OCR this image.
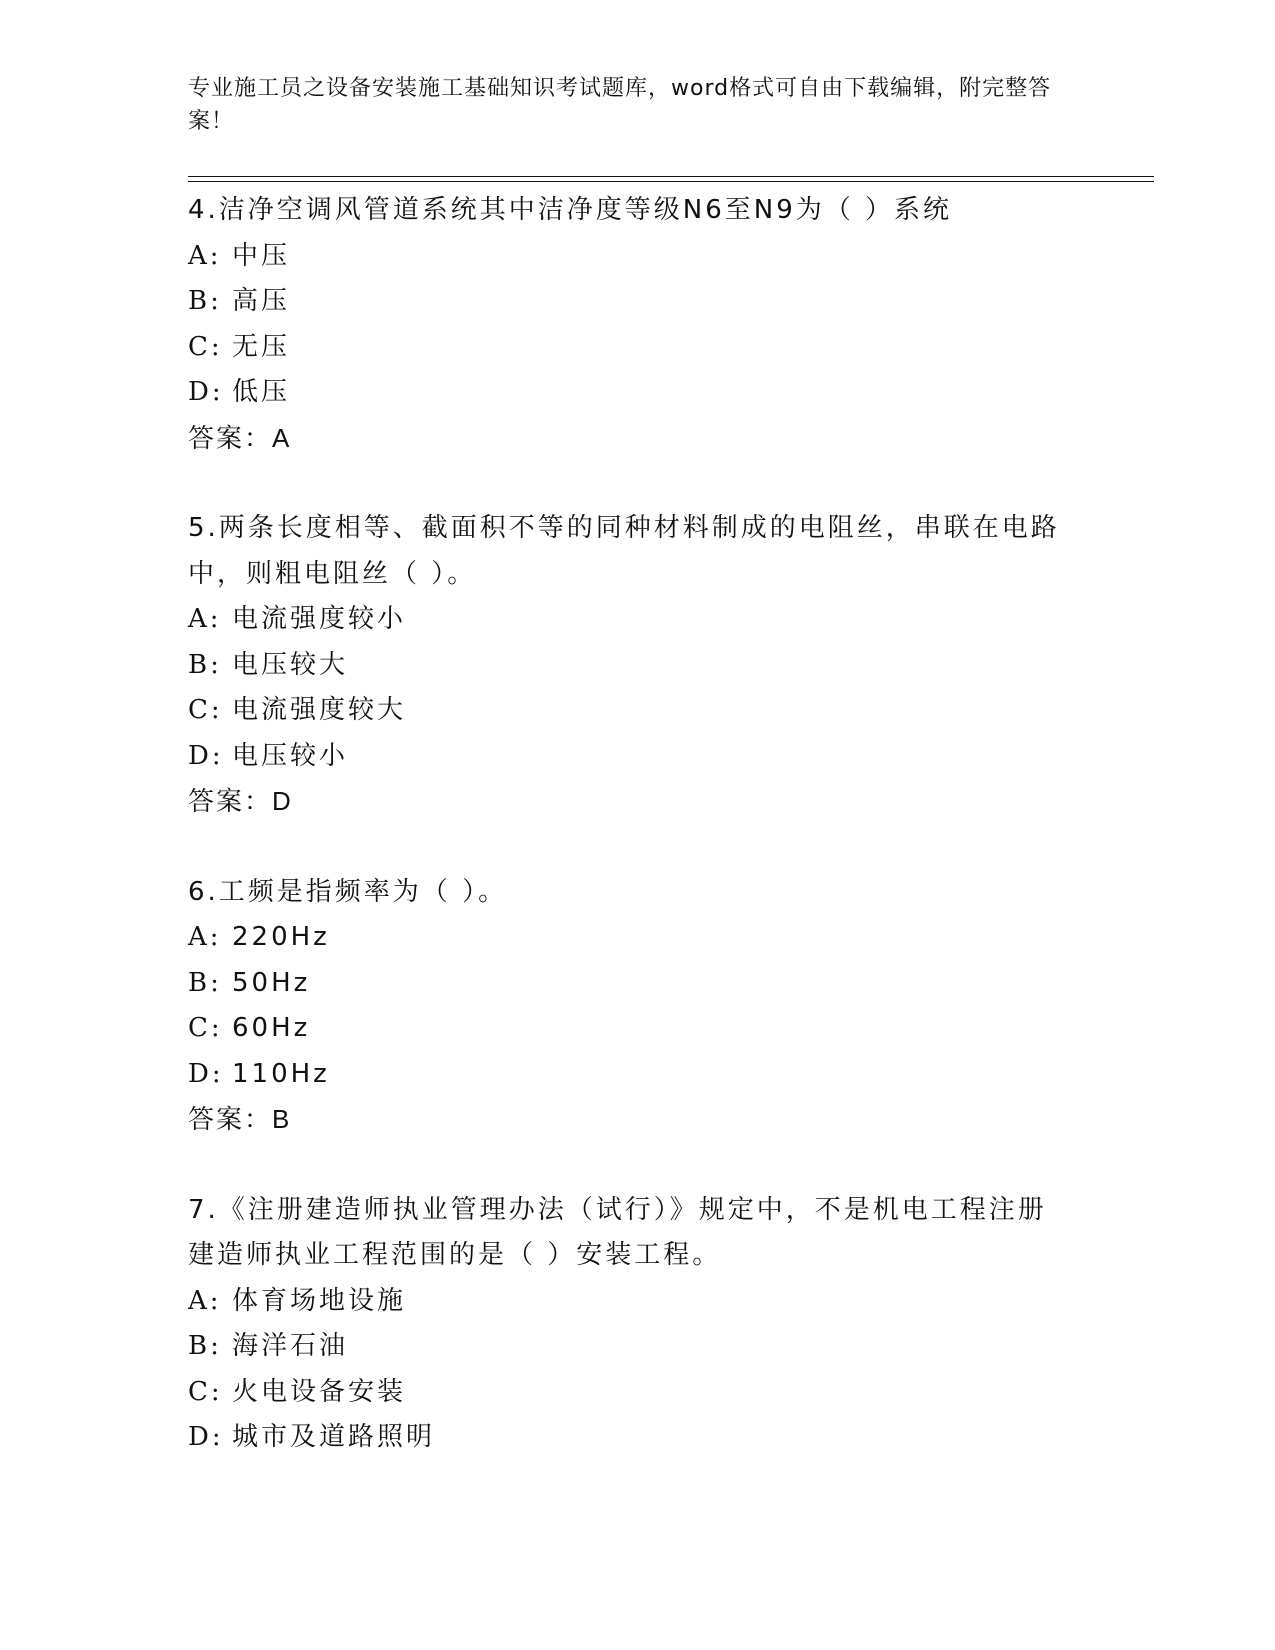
专业施工员之设备安装施工基础知识考试题库，word格式可自由下载编辑，附完整答案！
4.洁净空调风管道系统其中洁净度等级N6至N9为（ ）系统
A: 中压
B: 高压
C: 无压
D: 低压
答案：A
5.两条长度相等、截面积不等的同种材料制成的电阻丝，串联在电路中，则粗电阻丝（ ）。
A: 电流强度较小
B: 电压较大
C: 电流强度较大
D: 电压较小
答案：D
6.工频是指频率为（ ）。
A: 220Hz
B: 50Hz
C: 60Hz
D: 110Hz
答案：B
7.《注册建造师执业管理办法（试行）》规定中，不是机电工程注册建造师执业工程范围的是（ ）安装工程。
A: 体育场地设施
B: 海洋石油
C: 火电设备安装
D: 城市及道路照明
